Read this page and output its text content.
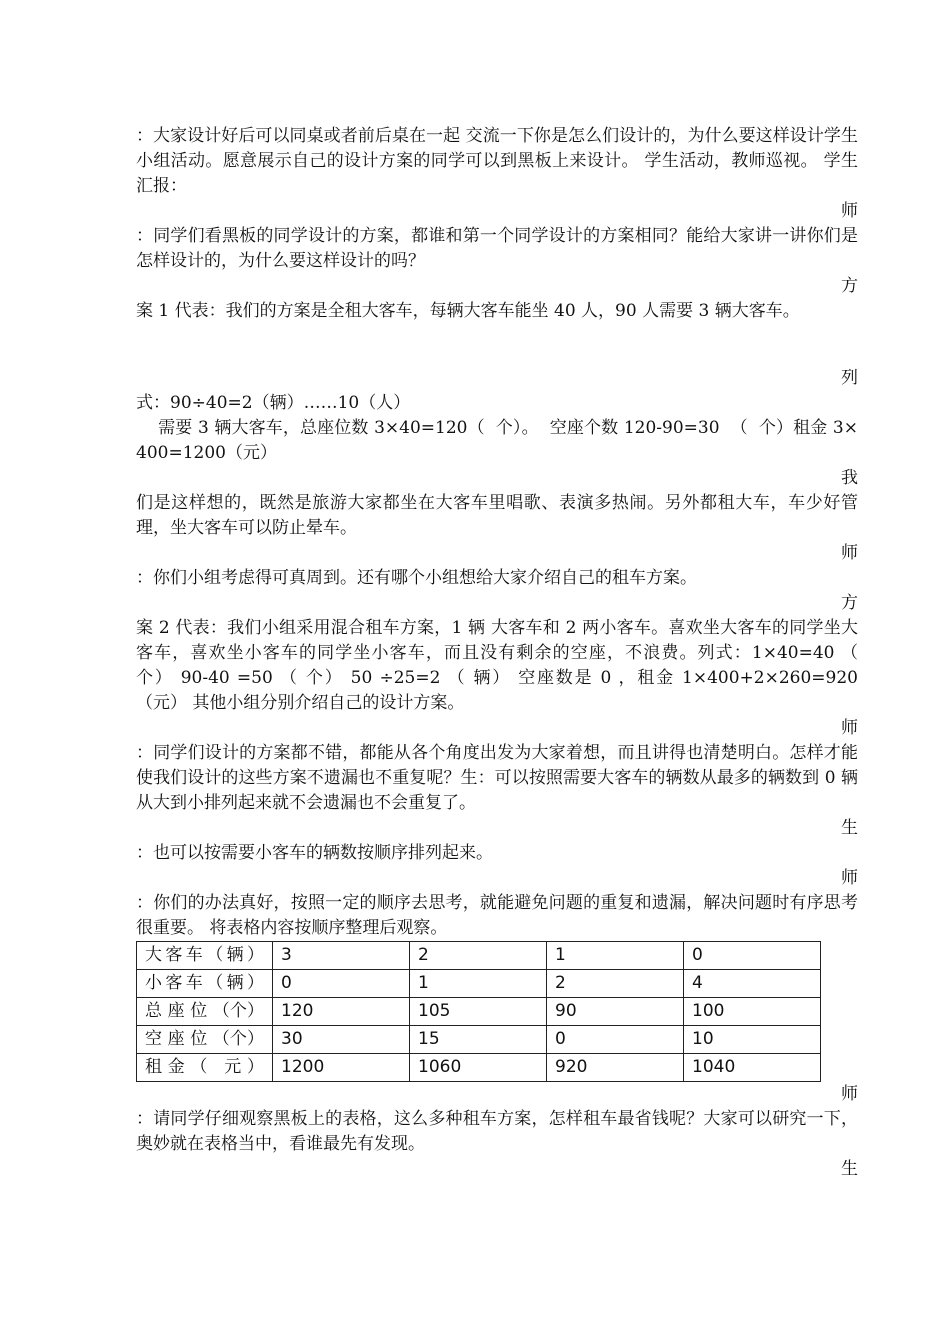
：大家设计好后可以同桌或者前后桌在一起 交流一下你是怎么们设计的，为什么要这样设计学生小组活动。愿意展示自己的设计方案的同学可以到黑板上来设计。 学生活动，教师巡视。 学生汇报：

师

：同学们看黑板的同学设计的方案，都谁和第一个同学设计的方案相同？能给大家讲一讲你们是怎样设计的，为什么要这样设计的吗？

方

案 1 代表：我们的方案是全租大客车，每辆大客车能坐 40 人，90 人需要 3 辆大客车。

列

式：90÷40=2（辆）……10（人）

需要 3 辆大客车，总座位数 3×40=120（  个）。  空座个数 120-90=30  （  个）租金 3×400=1200（元）

我

们是这样想的，既然是旅游大家都坐在大客车里唱歌、表演多热闹。另外都租大车，车少好管理，坐大客车可以防止晕车。

师

：你们小组考虑得可真周到。还有哪个小组想给大家介绍自己的租车方案。

方

案 2 代表：我们小组采用混合租车方案，1 辆 大客车和 2 两小客车。喜欢坐大客车的同学坐大客车，喜欢坐小客车的同学坐小客车，而且没有剩余的空座，不浪费。列式：1×40=40 （ 个） 90-40 =50 （ 个） 50 ÷25=2 （ 辆） 空座数是 0 ，租金 1×400+2×260=920（元） 其他小组分别介绍自己的设计方案。

师

：同学们设计的方案都不错，都能从各个角度出发为大家着想，而且讲得也清楚明白。怎样才能使我们设计的这些方案不遗漏也不重复呢？生：可以按照需要大客车的辆数从最多的辆数到 0 辆从大到小排列起来就不会遗漏也不会重复了。

生

：也可以按需要小客车的辆数按顺序排列起来。

师

：你们的办法真好，按照一定的顺序去思考，就能避免问题的重复和遗漏，解决问题时有序思考很重要。 将表格内容按顺序整理后观察。

大客车（辆）	3	2	1	0
小客车（辆）	0	1	2	4
总 座 位 （个）	120	105	90	100
空 座 位 （个）	30	15	0	10
租金（ 元）	1200	1060	920	1040

师

：请同学仔细观察黑板上的表格，这么多种租车方案，怎样租车最省钱呢？大家可以研究一下，奥妙就在表格当中，看谁最先有发现。

生
